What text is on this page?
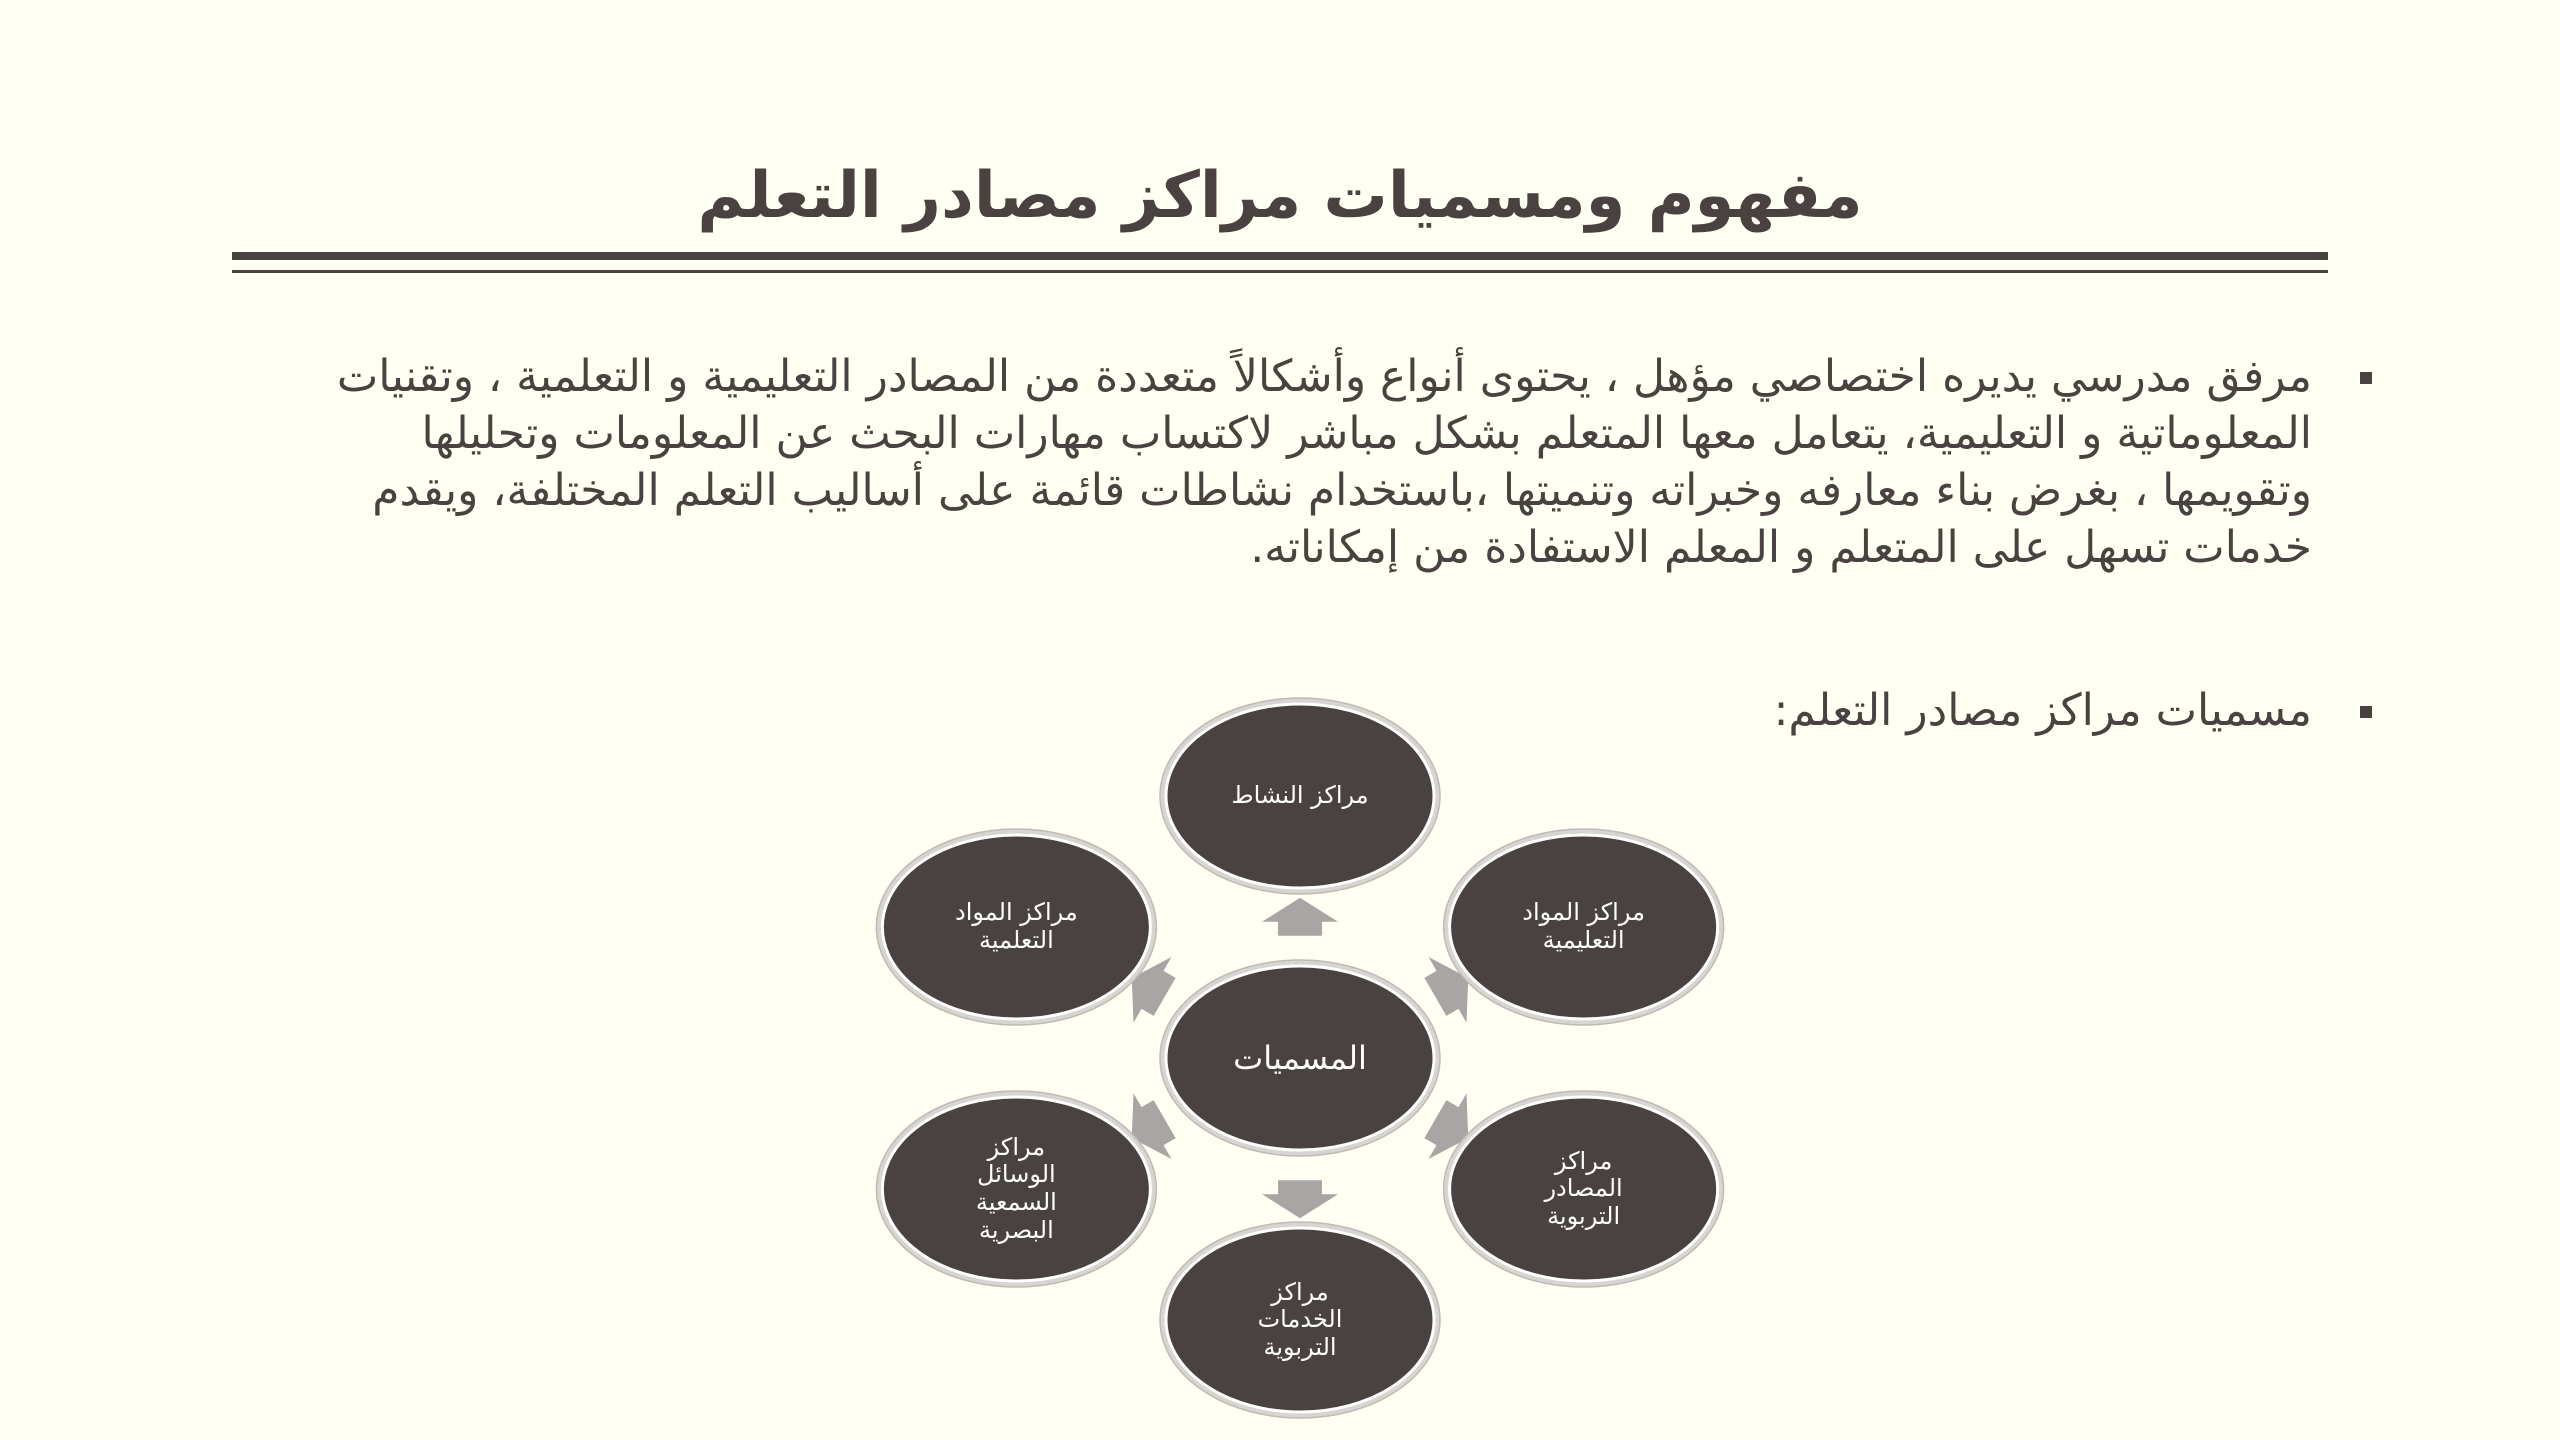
مفهوم ومسميات مراكز مصادر التعلم
مرفق مدرسي يديره اختصاصي مؤهل ، يحتوى أنواع وأشكالاً متعددة من المصادر التعليمية و التعلمية ، وتقنيات المعلوماتية و التعليمية، يتعامل معها المتعلم بشكل مباشر لاكتساب مهارات البحث عن المعلومات وتحليلها وتقويمها ، بغرض بناء معارفه وخبراته وتنميتها ،باستخدام نشاطات قائمة على أساليب التعلم المختلفة، ويقدم خدمات تسهل على المتعلم و المعلم الاستفادة من إمكاناته.
مسميات مراكز مصادر التعلم:
المسميات
مراكز النشاط
مراكز المواد التعليمية
مراكز المصادر التربوية
مراكز الخدمات التربوية
مراكز الوسائل السمعية البصرية
مراكز المواد التعلمية
